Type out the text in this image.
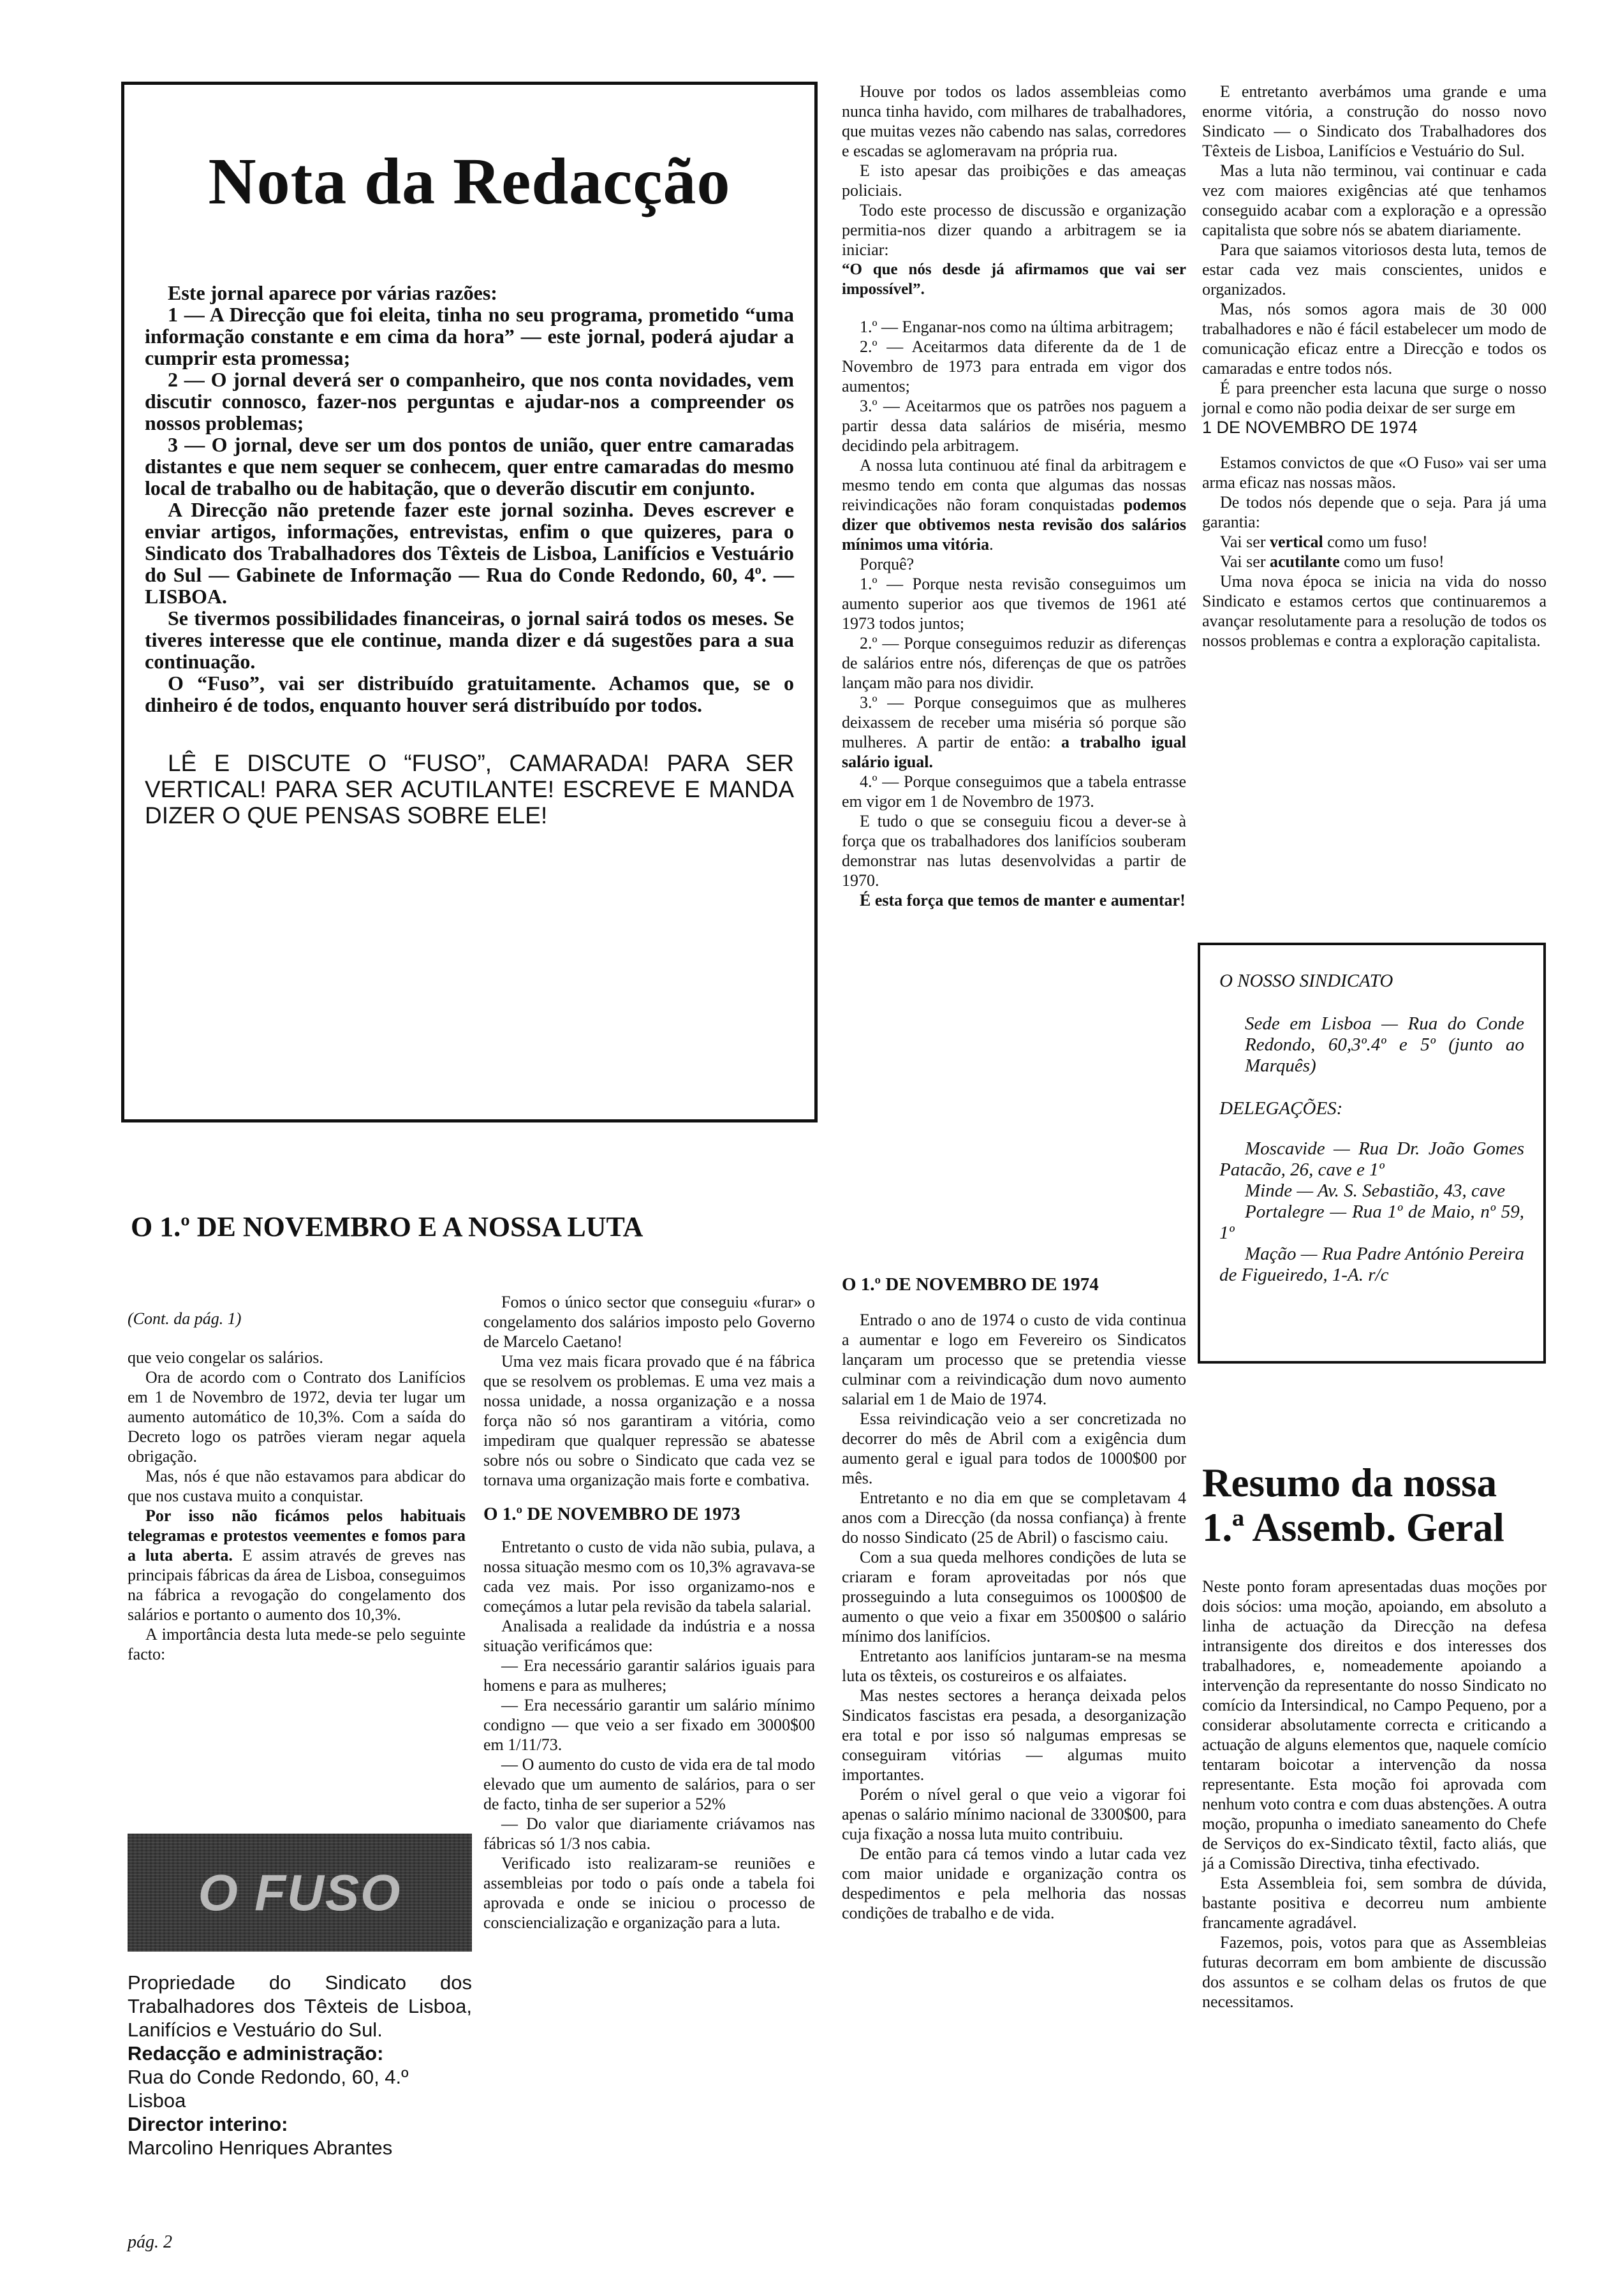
Nota da Redacção

Este jornal aparece por várias razões:

1 — A Direcção que foi eleita, tinha no seu programa, prometido “uma informação constante e em cima da hora” — este jornal, poderá ajudar a cumprir esta promessa;

2 — O jornal deverá ser o companheiro, que nos conta novidades, vem discutir connosco, fazer-nos perguntas e ajudar-nos a compreender os nossos problemas;

3 — O jornal, deve ser um dos pontos de união, quer entre camaradas distantes e que nem sequer se conhecem, quer entre camaradas do mesmo local de trabalho ou de habitação, que o deverão discutir em conjunto.

A Direcção não pretende fazer este jornal sozinha. Deves escrever e enviar artigos, informações, entrevistas, enfim o que quizeres, para o Sindicato dos Trabalhadores dos Têxteis de Lisboa, Lanifícios e Vestuário do Sul — Gabinete de Informação — Rua do Conde Redondo, 60, 4º. — LISBOA.

Se tivermos possibilidades financeiras, o jornal sairá todos os meses. Se tiveres interesse que ele continue, manda dizer e dá sugestões para a sua continuação.

O “Fuso”, vai ser distribuído gratuitamente. Achamos que, se o dinheiro é de todos, enquanto houver será distribuído por todos.

LÊ E DISCUTE O “FUSO”, CAMARADA! PARA SER VERTICAL! PARA SER ACUTILANTE! ESCREVE E MANDA DIZER O QUE PENSAS SOBRE ELE!

Houve por todos os lados assembleias como nunca tinha havido, com milhares de trabalhadores, que muitas vezes não cabendo nas salas, corredores e escadas se aglomeravam na própria rua.

E isto apesar das proibições e das ameaças policiais.

Todo este processo de discussão e organização permitia-nos dizer quando a arbitragem se ia iniciar:

“O que nós desde já afirmamos que vai ser impossível”.

1.º — Enganar-nos como na última arbitragem;

2.º — Aceitarmos data diferente da de 1 de Novembro de 1973 para entrada em vigor dos aumentos;

3.º — Aceitarmos que os patrões nos paguem a partir dessa data salários de miséria, mesmo decidindo pela arbitragem.

A nossa luta continuou até final da arbitragem e mesmo tendo em conta que algumas das nossas reivindicações não foram conquistadas podemos dizer que obtivemos nesta revisão dos salários mínimos uma vitória.

Porquê?

1.º — Porque nesta revisão conseguimos um aumento superior aos que tivemos de 1961 até 1973 todos juntos;

2.º — Porque conseguimos reduzir as diferenças de salários entre nós, diferenças de que os patrões lançam mão para nos dividir.

3.º — Porque conseguimos que as mulheres deixassem de receber uma miséria só porque são mulheres. A partir de então: a trabalho igual salário igual.

4.º — Porque conseguimos que a tabela entrasse em vigor em 1 de Novembro de 1973.

E tudo o que se conseguiu ficou a dever-se à força que os trabalhadores dos lanifícios souberam demonstrar nas lutas desenvolvidas a partir de 1970.

É esta força que temos de manter e aumentar!

E entretanto averbámos uma grande e uma enorme vitória, a construção do nosso novo Sindicato — o Sindicato dos Trabalhadores dos Têxteis de Lisboa, Lanifícios e Vestuário do Sul.

Mas a luta não terminou, vai continuar e cada vez com maiores exigências até que tenhamos conseguido acabar com a exploração e a opressão capitalista que sobre nós se abatem diariamente.

Para que saiamos vitoriosos desta luta, temos de estar cada vez mais conscientes, unidos e organizados.

Mas, nós somos agora mais de 30 000 trabalhadores e não é fácil estabelecer um modo de comunicação eficaz entre a Direcção e todos os camaradas e entre todos nós.

É para preencher esta lacuna que surge o nosso jornal e como não podia deixar de ser surge em

1 DE NOVEMBRO DE 1974

Estamos convictos de que «O Fuso» vai ser uma arma eficaz nas nossas mãos.

De todos nós depende que o seja. Para já uma garantia:

Vai ser vertical como um fuso!

Vai ser acutilante como um fuso!

Uma nova época se inicia na vida do nosso Sindicato e estamos certos que continuaremos a avançar resolutamente para a resolução de todos os nossos problemas e contra a exploração capitalista.

O NOSSO SINDICATO

Sede em Lisboa — Rua do Conde Redondo, 60,3º.4º e 5º (junto ao Marquês)

DELEGAÇÕES:

Moscavide — Rua Dr. João Gomes Patacão, 26, cave e 1º

Minde — Av. S. Sebastião, 43, cave

Portalegre — Rua 1º de Maio, nº 59, 1º

Mação — Rua Padre António Pereira de Figueiredo, 1-A. r/c

O 1.º DE NOVEMBRO E A NOSSA LUTA

(Cont. da pág. 1)

que veio congelar os salários.

Ora de acordo com o Contrato dos Lanifícios em 1 de Novembro de 1972, devia ter lugar um aumento automático de 10,3%. Com a saída do Decreto logo os patrões vieram negar aquela obrigação.

Mas, nós é que não estavamos para abdicar do que nos custava muito a conquistar.

Por isso não ficámos pelos habituais telegramas e protestos veementes e fomos para a luta aberta. E assim através de greves nas principais fábricas da área de Lisboa, conseguimos na fábrica a revogação do congelamento dos salários e portanto o aumento dos 10,3%.

A importância desta luta mede-se pelo seguinte facto:

O FUSO

Propriedade do Sindicato dos Trabalhadores dos Têxteis de Lisboa, Lanifícios e Vestuário do Sul.

Redacção e administração:

Rua do Conde Redondo, 60, 4.º Lisboa

Director interino:

Marcolino Henriques Abrantes

pág. 2

Fomos o único sector que conseguiu «furar» o congelamento dos salários imposto pelo Governo de Marcelo Caetano!

Uma vez mais ficara provado que é na fábrica que se resolvem os problemas. E uma vez mais a nossa unidade, a nossa organização e a nossa força não só nos garantiram a vitória, como impediram que qualquer repressão se abatesse sobre nós ou sobre o Sindicato que cada vez se tornava uma organização mais forte e combativa.

O 1.º DE NOVEMBRO DE 1973

Entretanto o custo de vida não subia, pulava, a nossa situação mesmo com os 10,3% agravava-se cada vez mais. Por isso organizamo-nos e começámos a lutar pela revisão da tabela salarial.

Analisada a realidade da indústria e a nossa situação verificámos que:

— Era necessário garantir salários iguais para homens e para as mulheres;

— Era necessário garantir um salário mínimo condigno — que veio a ser fixado em 3000$00 em 1/11/73.

— O aumento do custo de vida era de tal modo elevado que um aumento de salários, para o ser de facto, tinha de ser superior a 52%

— Do valor que diariamente criávamos nas fábricas só 1/3 nos cabia.

Verificado isto realizaram-se reuniões e assembleias por todo o país onde a tabela foi aprovada e onde se iniciou o processo de consciencialização e organização para a luta.

O 1.º DE NOVEMBRO DE 1974

Entrado o ano de 1974 o custo de vida continua a aumentar e logo em Fevereiro os Sindicatos lançaram um processo que se pretendia viesse culminar com a reivindicação dum novo aumento salarial em 1 de Maio de 1974.

Essa reivindicação veio a ser concretizada no decorrer do mês de Abril com a exigência dum aumento geral e igual para todos de 1000$00 por mês.

Entretanto e no dia em que se completavam 4 anos com a Direcção (da nossa confiança) à frente do nosso Sindicato (25 de Abril) o fascismo caiu.

Com a sua queda melhores condições de luta se criaram e foram aproveitadas por nós que prosseguindo a luta conseguimos os 1000$00 de aumento o que veio a fixar em 3500$00 o salário mínimo dos lanifícios.

Entretanto aos lanifícios juntaram-se na mesma luta os têxteis, os costureiros e os alfaiates.

Mas nestes sectores a herança deixada pelos Sindicatos fascistas era pesada, a desorganização era total e por isso só nalgumas empresas se conseguiram vitórias — algumas muito importantes.

Porém o nível geral o que veio a vigorar foi apenas o salário mínimo nacional de 3300$00, para cuja fixação a nossa luta muito contribuiu.

De então para cá temos vindo a lutar cada vez com maior unidade e organização contra os despedimentos e pela melhoria das nossas condições de trabalho e de vida.

Resumo da nossa 1.ª Assemb. Geral

Neste ponto foram apresentadas duas moções por dois sócios: uma moção, apoiando, em absoluto a linha de actuação da Direcção na defesa intransigente dos direitos e dos interesses dos trabalhadores, e, nomeademente apoiando a intervenção da representante do nosso Sindicato no comício da Intersindical, no Campo Pequeno, por a considerar absolutamente correcta e criticando a actuação de alguns elementos que, naquele comício tentaram boicotar a intervenção da nossa representante. Esta moção foi aprovada com nenhum voto contra e com duas abstenções. A outra moção, propunha o imediato saneamento do Chefe de Serviços do ex-Sindicato têxtil, facto aliás, que já a Comissão Directiva, tinha efectivado.

Esta Assembleia foi, sem sombra de dúvida, bastante positiva e decorreu num ambiente francamente agradável.

Fazemos, pois, votos para que as Assembleias futuras decorram em bom ambiente de discussão dos assuntos e se colham delas os frutos de que necessitamos.
